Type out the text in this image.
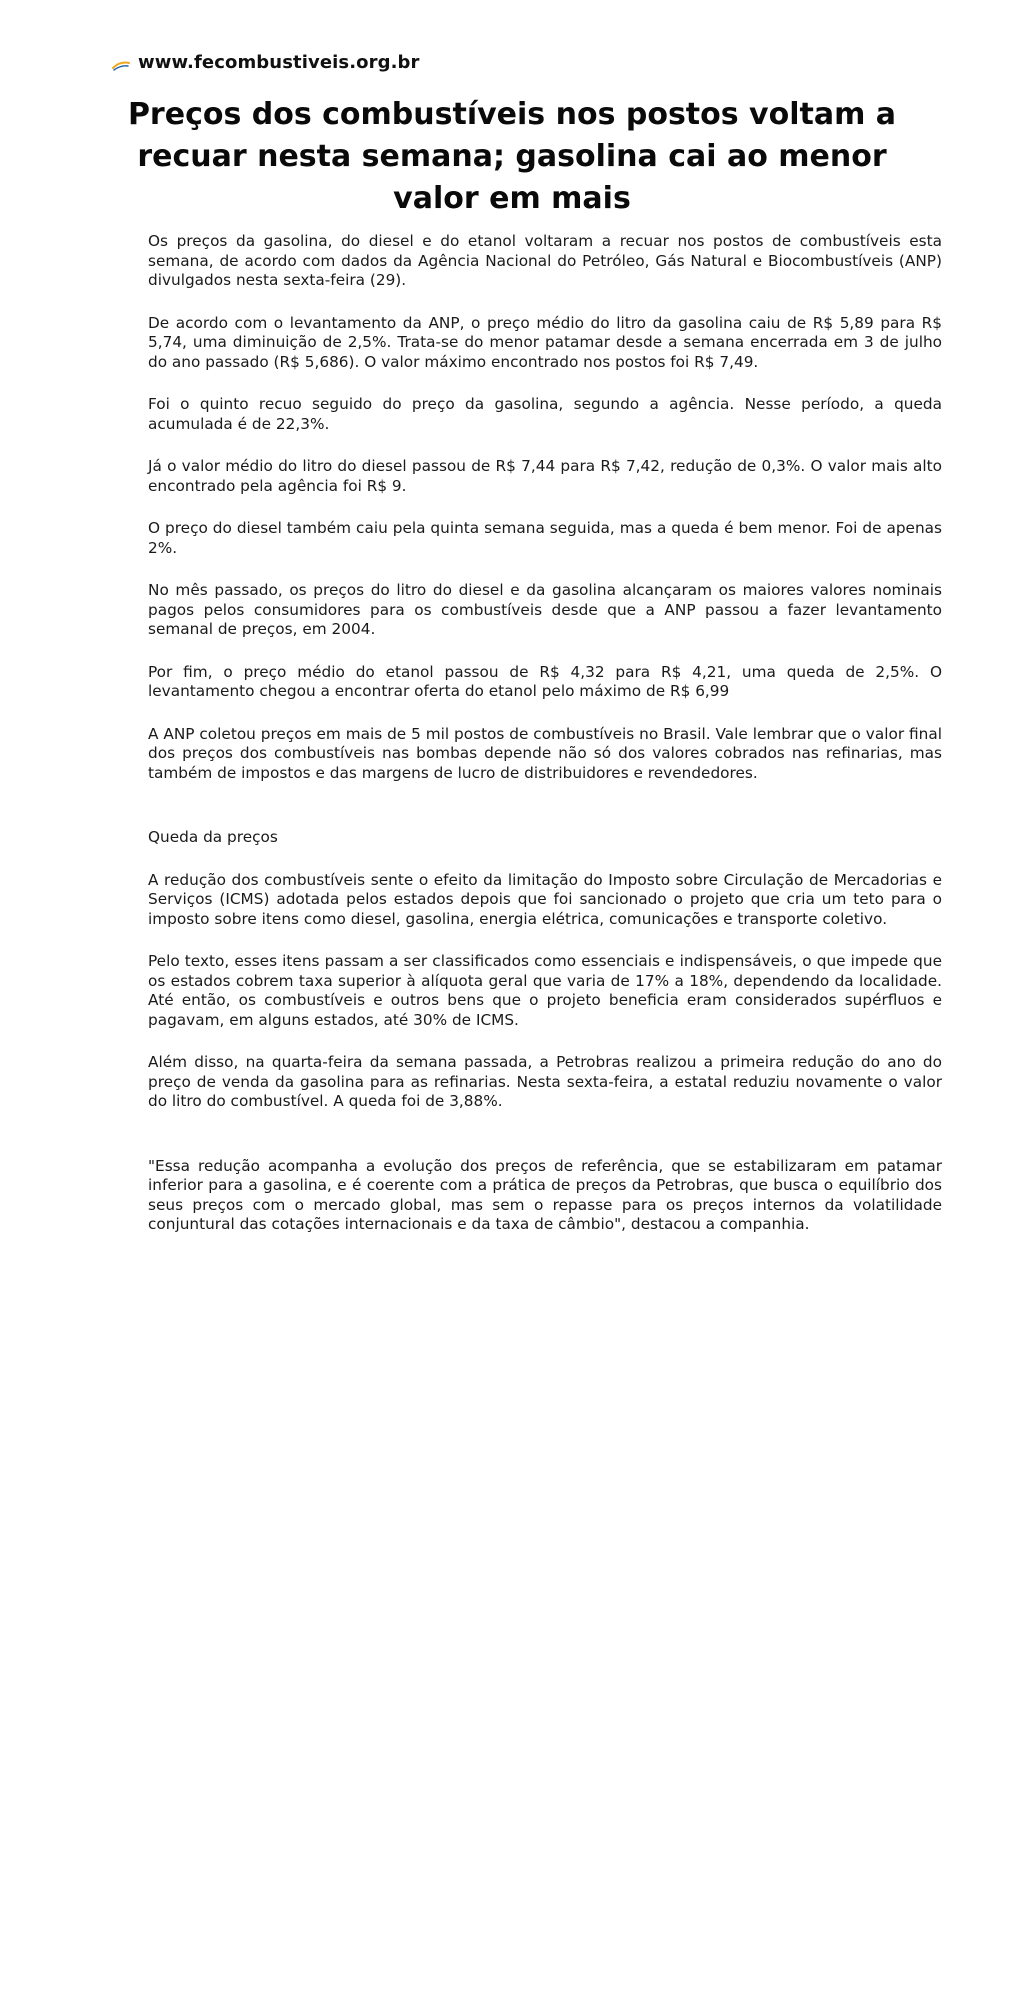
www.fecombustiveis.org.br
Preços dos combustíveis nos postos voltam a recuar nesta semana; gasolina cai ao menor valor em mais

Os preços da gasolina, do diesel e do etanol voltaram a recuar nos postos de combustíveis esta semana, de acordo com dados da Agência Nacional do Petróleo, Gás Natural e Biocombustíveis (ANP) divulgados nesta sexta-feira (29).

De acordo com o levantamento da ANP, o preço médio do litro da gasolina caiu de R$ 5,89 para R$ 5,74, uma diminuição de 2,5%. Trata-se do menor patamar desde a semana encerrada em 3 de julho do ano passado (R$ 5,686). O valor máximo encontrado nos postos foi R$ 7,49.

Foi o quinto recuo seguido do preço da gasolina, segundo a agência. Nesse período, a queda acumulada é de 22,3%.

Já o valor médio do litro do diesel passou de R$ 7,44 para R$ 7,42, redução de 0,3%. O valor mais alto encontrado pela agência foi R$ 9.

O preço do diesel também caiu pela quinta semana seguida, mas a queda é bem menor. Foi de apenas 2%.

No mês passado, os preços do litro do diesel e da gasolina alcançaram os maiores valores nominais pagos pelos consumidores para os combustíveis desde que a ANP passou a fazer levantamento semanal de preços, em 2004.

Por fim, o preço médio do etanol passou de R$ 4,32 para R$ 4,21, uma queda de 2,5%. O levantamento chegou a encontrar oferta do etanol pelo máximo de R$ 6,99

A ANP coletou preços em mais de 5 mil postos de combustíveis no Brasil. Vale lembrar que o valor final dos preços dos combustíveis nas bombas depende não só dos valores cobrados nas refinarias, mas também de impostos e das margens de lucro de distribuidores e revendedores.

Queda da preços

A redução dos combustíveis sente o efeito da limitação do Imposto sobre Circulação de Mercadorias e Serviços (ICMS) adotada pelos estados depois que foi sancionado o projeto que cria um teto para o imposto sobre itens como diesel, gasolina, energia elétrica, comunicações e transporte coletivo.

Pelo texto, esses itens passam a ser classificados como essenciais e indispensáveis, o que impede que os estados cobrem taxa superior à alíquota geral que varia de 17% a 18%, dependendo da localidade. Até então, os combustíveis e outros bens que o projeto beneficia eram considerados supérfluos e pagavam, em alguns estados, até 30% de ICMS.

Além disso, na quarta-feira da semana passada, a Petrobras realizou a primeira redução do ano do preço de venda da gasolina para as refinarias. Nesta sexta-feira, a estatal reduziu novamente o valor do litro do combustível. A queda foi de 3,88%.

"Essa redução acompanha a evolução dos preços de referência, que se estabilizaram em patamar inferior para a gasolina, e é coerente com a prática de preços da Petrobras, que busca o equilíbrio dos seus preços com o mercado global, mas sem o repasse para os preços internos da volatilidade conjuntural das cotações internacionais e da taxa de câmbio", destacou a companhia.
